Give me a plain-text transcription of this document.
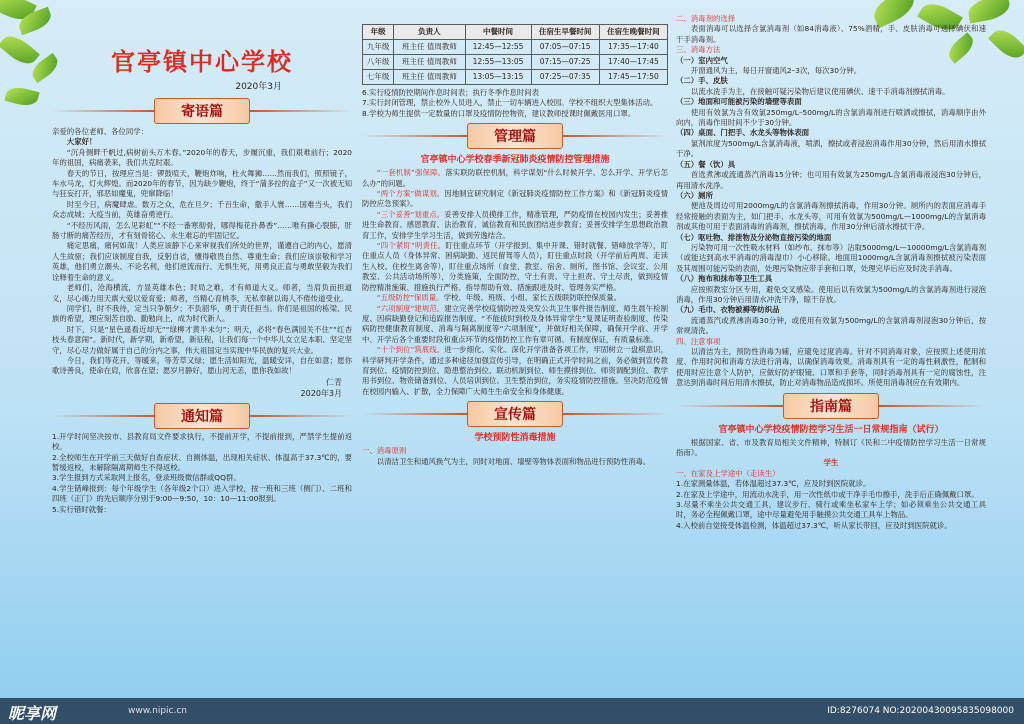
官亭镇中心学校
2020年3月
寄语篇
亲爱的各位老师、各位同学：
大家好！

“沉舟侧畔千帆过,病树前头万木春。”2020年的春天，步履沉重，我们艰难前行；2020年的祖国，病痛袭来，我们共克时艰。

春天的节日，按理应当是：锣鼓喧天，鞭炮炸响，杜火舞狮……然而我们，照照镜子，车水马龙，灯火辉煌。而2020年的春节，因为缺少鞭炮，终于“蒲多拉的盒子”又一次被无知与狂妄打开，邪恶如魔鬼，兜窜降临！

时至今日，病魔肆虐。数万之众，危在旦夕；千百生命，撒手人寰……国难当头，我们众志成城；大疫当前，英雄奋勇逆行。

“不经历风雨，怎么见彩虹”“不经一番寒彻骨，哪得梅花扑鼻香”……唯有撕心裂肺，肝肠寸断的痛苦经历，才有刻骨铭心、永生难忘的牢固记忆。

痛定思痛，痛何如哉！人类应该静下心来审视我们所处的世界，谨遵自己的内心，愿清人生故驱；我们应该制度自我，反躬自省，懂得敬畏自然、尊重生命；我们应该崇敬和学习英雄，他们勇立潮头、不论名利，他们逆流而行、无惧生死，用勇良正直与勇敢坚毅为我们诠释着生命的意义。

老师们，沧海横流，方显英雄本色；时局之难，才有师道大义。师者，当肩负而担道义，尽心竭力用天禀大爱以爱育爱；师者，当精心育桃李，无私奉献以诲人不倦传道受业。

同学们，时不我待，定当只争朝夕；不负韶华，勇于责任担当。你们是祖国的栋梁、民族的希望，理应刻苦自励、勤勉向上，成为时代新人。

时下，只是“星色遥看近却无”“绿柳才黄半未匀”；明天，必将“春色满园关不住”“红杏枝头春意闹”。新时代，新学期，新希望，新征程，让我们每一个中华儿女立足本职、坚定坚守，尽心尽力做好属于自己的分内之事，伟大祖国定当实现中华民族的复兴大业。

今日，我们等花开，等暖来，等芳草又绿；愿生活如阳光，温暖安详，自在如意；愿你歌诗善良，使命在肩，欣喜在望；愿岁月静好，愿山河无恙，愿你我如故！

仁青
2020年3月
通知篇
1.开学时间坚决按市、县教育局文件要求执行，不提前开学，不提前报到，严禁学生提前返校。
2.全校师生在开学前三天做好自查症状、自测体温，出现相关症状、体温高于37.3℃的，要暂缓返校，未解除隔离期师生不得返校。
3.学生报到方式采取网上报名，登录班级微信群或QQ群。
4.学生错峰报到：每个年级学生（各年级2个口）进入学校，按一班和三班（侧门）、二班和四班（正门）的先后顺序分别于9:00—9:50，10：10—11:00报到。
5.实行错时就餐：
年级	负责人	中餐时间	住宿生早餐时间	住宿生晚餐时间
九年级	班主任 值周教师	12:45—12:55	07:05—07:15	17:35—17:40
八年级	班主任 值周教师	12:55—13:05	07:15—07:25	17:40—17:45
七年级	班主任 值周教师	13:05—13:15	07:25—07:35	17:45—17:50
6.实行疫情防控期间作息时间表；执行冬季作息时间表
7.实行封闭管理，禁止校外人员进入，禁止一切车辆进入校园。学校不组织大型集体活动。
8.学校为师生提供一定数量的口罩及疫情防控物资，建议教师授课时佩戴医用口罩。
管理篇
官亭镇中心学校春季新冠肺炎疫情防控管理措施

“一套机制”强保障。落实联防联控机制，科学谋划“什么时候开学、怎么开学、开学后怎么办”的问题。

“两个方案”做谋划。因地制宜研究制定《新冠肺炎疫情防控工作方案》和《新冠肺炎疫情防控应急预案》。

“三个妥善”划重点。妥善安排人员摸排工作，精准管理，严防疫情在校园内发生；妥善推进生命教育、感恩教育、法治教育、诚信教育和民族团结进步教育；妥善安排学生思想政治教育工作，安排学生学习生活，做到劳逸结合。

“四个紧盯”明责任。盯住重点环节（开学报到、集中开课、错时就餐、错峰放学等），盯住重点人员（身体异常、困病缺勤、返民留驾等人员），盯住重点时段（开学前后两周、走读生入校、住校生离舍等），盯住重点场所（食堂、教室、宿舍、厕所、图书馆、会议室、公用教室、公共活动场所等），分类施策，全面防控，守土有责、守土担责、守土尽责，做到疫情防控精准施策、措施执行严格、指导帮助有效、措施跟进及时、管理务实严格。

“五级防控”保质量。学校、年级、班级、小组、家长五级联防联控保质量。

“六项制度”建规范。建立完善学校疫情防控及突发公共卫生事件报告制度、师生晨午检制度、因病缺勤登记和追踪报告制度、“不能拔时到校及身体异常学生”复课证明查验制度、传染病防控健康教育制度、消毒与隔离制度等“六项制度”，并做好相关保障，确保开学前、开学中、开学后各个重要时段和重点环节的疫情防控工作有章可循、有制度保证，有质量标准。

“十个到位”筑底线。进一步细化、实化、深化开学准备各项工作，牢固树立一盘棋意识，科学研判开学条件，通过多种途径加强宣传引导，在明确正式开学时间之前，务必做到宣传教育到位、疫情防控到位、隐患整治到位、联动机制到位、师生摸排到位、师资调配到位、教学用书到位、物资储备到位、人员培训到位、卫生整治到位，务实疫情防控措施。坚决防范疫情在校园内输入、扩散，全力保障广大师生生命安全和身体健康。

宣传篇
学校预防性消毒措施
一、消毒原则

以清洁卫生和通风换气为主，同时对地面、墙壁等物体表面和物品进行预防性消毒。

二、消毒剂的选择

表面消毒可以选择含氯消毒剂（如84消毒液）、75%酒精，手、皮肤消毒可选择碘伏和速干手消毒剂。

三、消毒方法
（一）室内空气

开窗通风为主，每日开窗通风2–3次，每次30分钟。

（二）手、皮肤

以流水洗手为主，在接触可疑污染物后建议使用碘伏、速干手消毒剂擦拭消毒。

（三）地面和可能被污染的墙壁等表面

使用有效氯为含有效氯250mg/L–500mg/L的含氯消毒剂进行喷洒或擦拭，消毒顺序由外向内，消毒作用时间不少于30分钟。

（四）桌面、门把手、水龙头等物体表面

氯剂浓度为500mg/L含氯消毒液，喷洒，擦拭或者浸泡消毒作用30分钟，然后用清水擦拭干净。

（五）餐（饮）具

首选煮沸或流通蒸汽消毒15分钟；也可用有效氯为250mg/L含氯消毒液浸泡30分钟后，再用清水洗净。

（六）厕所

便池及周边可用2000mg/L的含氯消毒剂擦拭消毒，作用30分钟。厕所内的表面应消毒手经常接触的表面为主，如门把手、水龙头等，可用有效氯为500mg/L—1000mg/L的含氯消毒剂或其他可用于表面消毒的消毒剂，擦拭消毒，作用30分钟后清水擦拭干净。

（七）呕吐物、排泄物及分泌物直接污染的地面

污染物可用一次性吸水材料（如纱布、抹布等）沾取5000mg/L—10000mg/L含氯消毒剂（或能达到高水平消毒的消毒湿巾）小心移除。地面用1000mg/L含氯消毒剂擦拭被污染表面及其周围可能污染的表面，处理污染物应带手套和口罩，处理完毕后应及时洗手消毒。

（八）拖布和抹布等卫生工具

应按照教室分区专用，避免交叉感染。使用后以有效氯为500mg/L的含氯消毒剂进行浸泡消毒，作用30分钟后用清水冲洗干净，晾干存放。

（九）毛巾、衣物被褥等纺织品

流通蒸汽或煮沸消毒30分钟，或使用有效氯为500mg/L的含氯消毒剂浸泡30分钟后，按常规清洗。

四、注意事项

以清洁为主，预防性消毒为辅，应避免过度消毒。针对不同消毒对象，应按照上述使用浓度、作用时间和消毒方法进行消毒，以确保消毒效果。消毒剂具有一定的毒性刺激性，配制和使用时应注意个人防护，应做好防护眼镜、口罩和手套等，同时消毒剂具有一定的腐蚀性，注意达到消毒时间后用清水擦拭，防止对消毒物品造成损坏。所使用消毒剂应在有效期内。

指南篇
官亭镇中心学校疫情防控学习生活一日常规指南（试行）

根据国家、省、市及教育局相关文件精神，特制订《民和二中疫情防控学习生活一日常规指南》。

学生
一、在家及上学途中（走读生）
1.在家测量体温，若体温超过37.3℃，应及时到医院就诊。
2.在家及上学途中，用流动水洗手，用一次性纸巾或干净手毛巾擦手，洗手后正确佩戴口罩。
3.尽量不乘坐公共交通工具，建议步行、骑行或乘坐私家车上学；如必须乘坐公共交通工具时，务必全程佩戴口罩，途中尽量避免用手触摸公共交通工具车上物品。
4.入校前自觉接受体温检测，体温超过37.3℃，听从家长带回，应及时到医院就诊。
昵享网	www.nipic.cn	ID:8276074 NO:20200430095835098000
